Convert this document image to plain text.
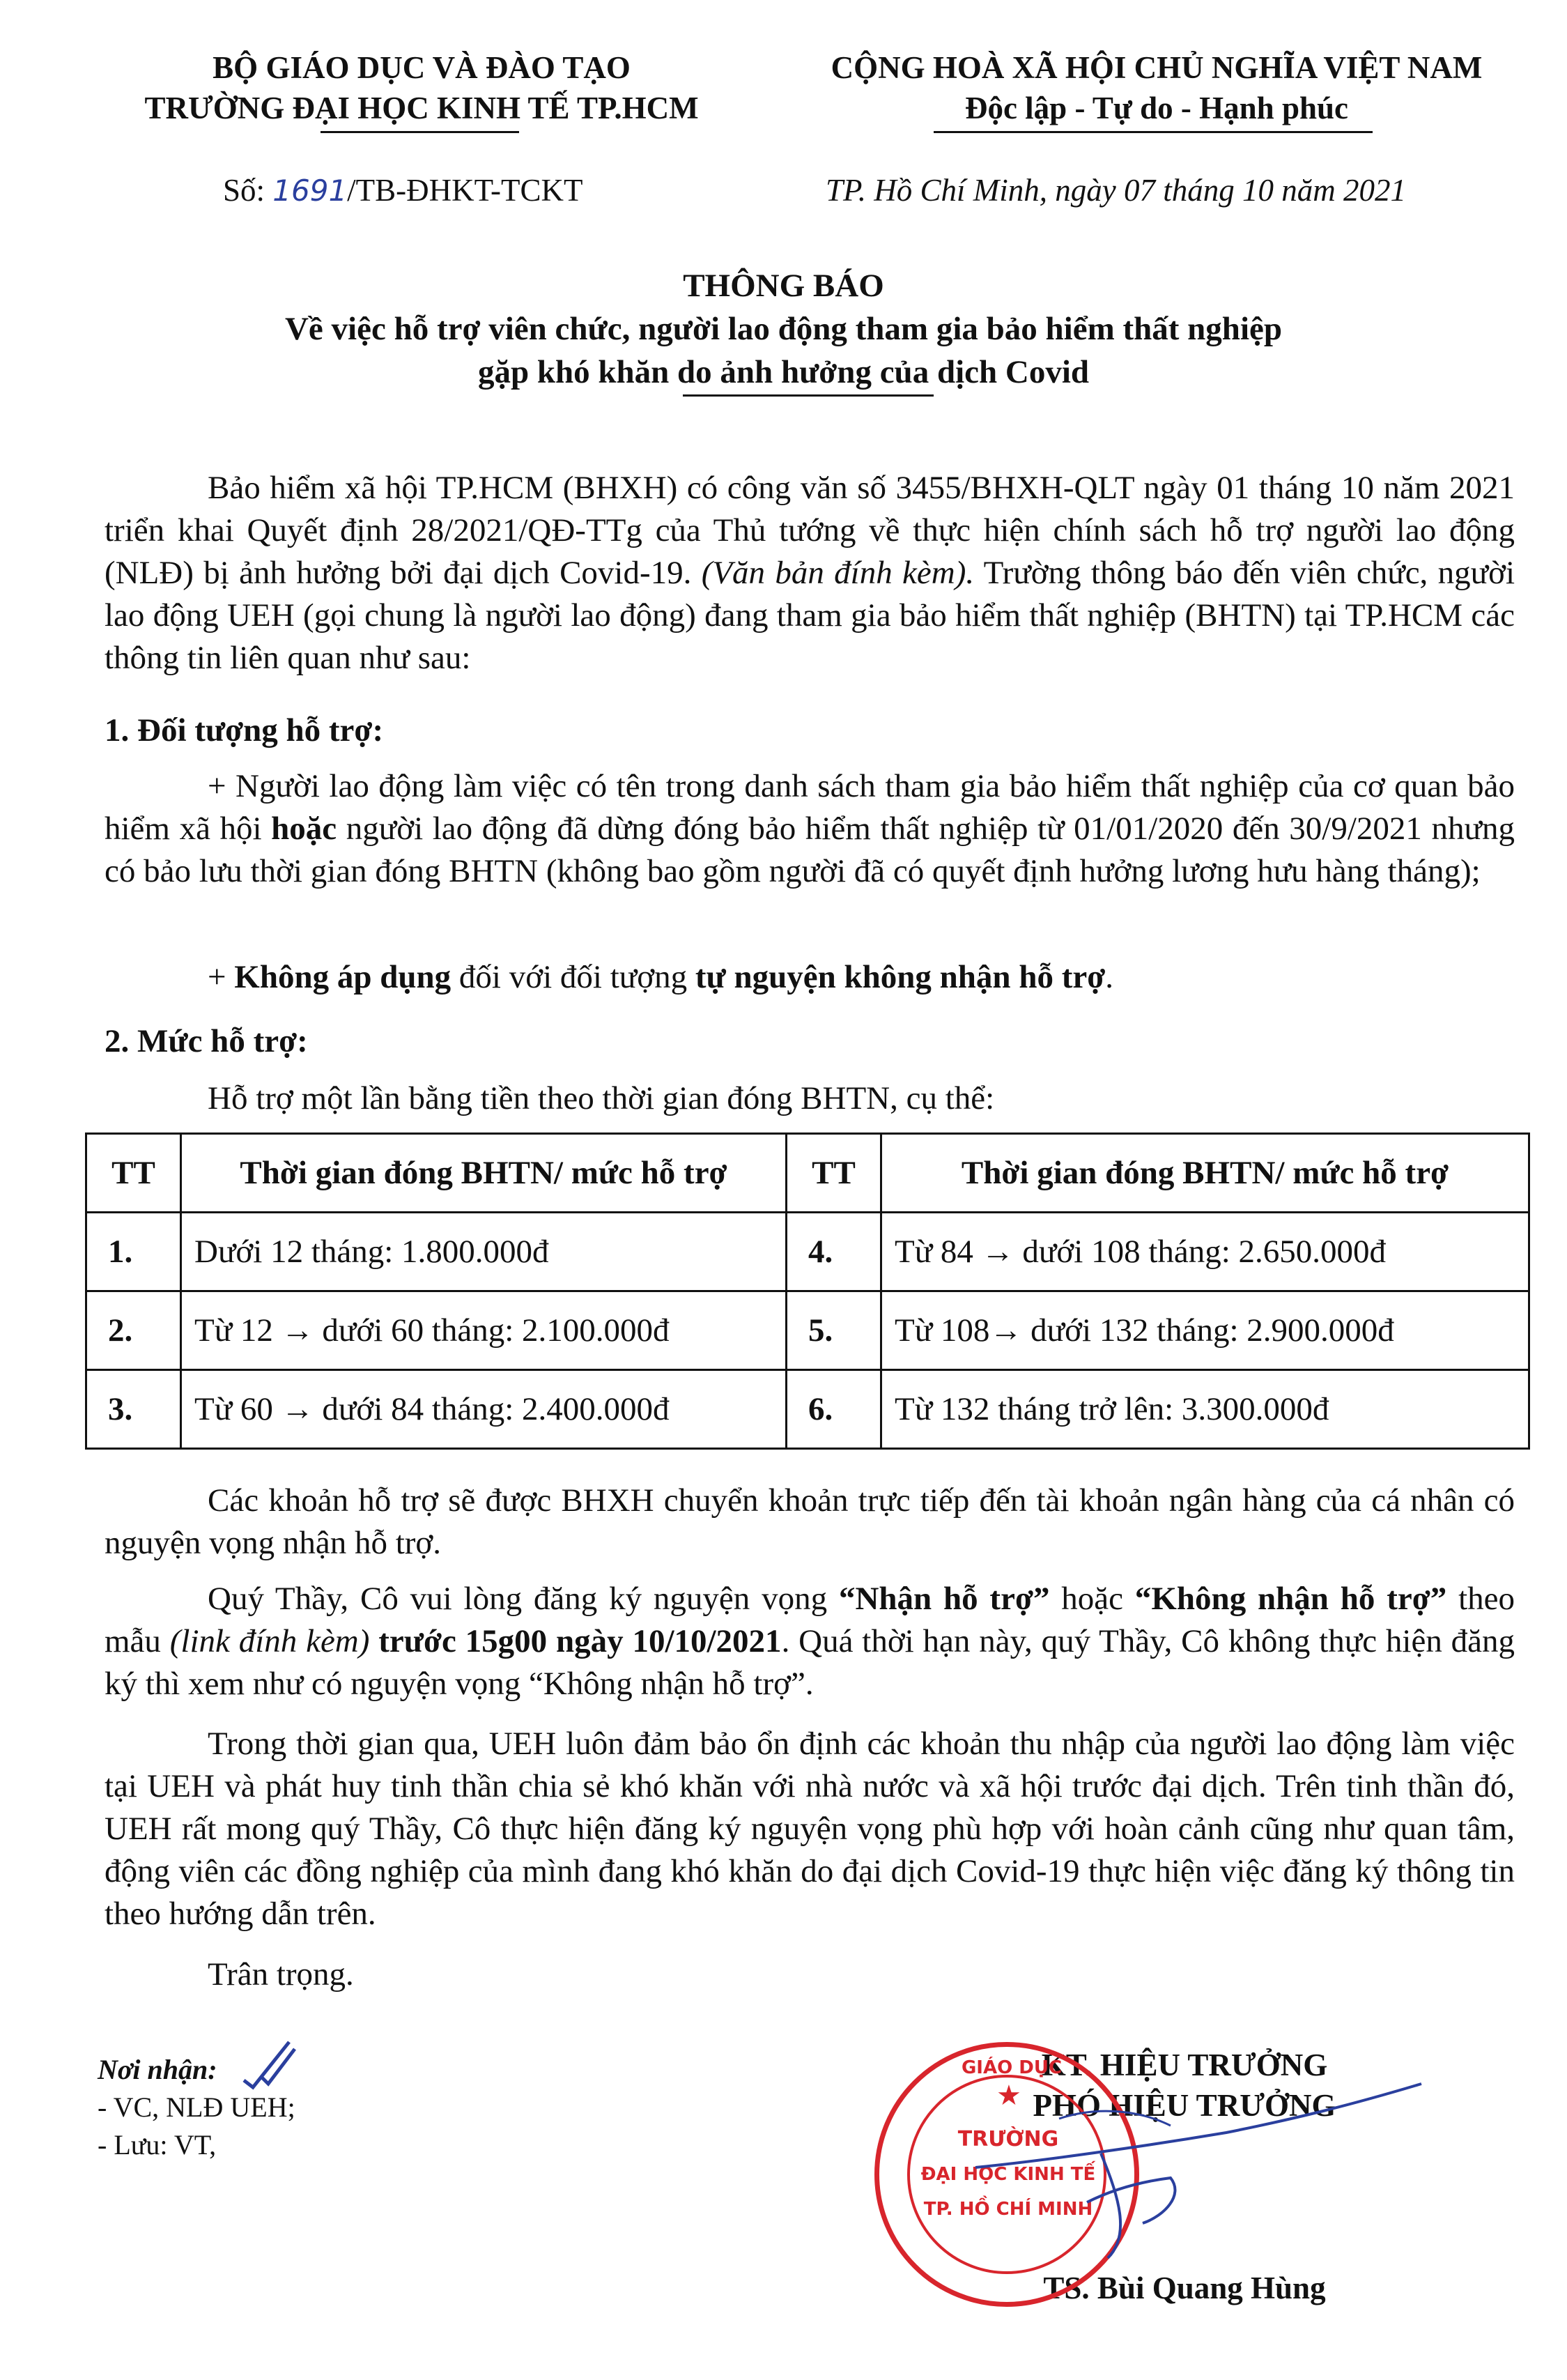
BỘ GIÁO DỤC VÀ ĐÀO TẠO
TRƯỜNG ĐẠI HỌC KINH TẾ TP.HCM
CỘNG HOÀ XÃ HỘI CHỦ NGHĨA VIỆT NAM
Độc lập - Tự do - Hạnh phúc
Số: 1691/TB-ĐHKT-TCKT	TP. Hồ Chí Minh, ngày 07 tháng 10 năm 2021
THÔNG BÁO
Về việc hỗ trợ viên chức, người lao động tham gia bảo hiểm thất nghiệp
gặp khó khăn do ảnh hưởng của dịch Covid
Bảo hiểm xã hội TP.HCM (BHXH) có công văn số 3455/BHXH-QLT ngày 01 tháng 10 năm 2021 triển khai Quyết định 28/2021/QĐ-TTg của Thủ tướng về thực hiện chính sách hỗ trợ người lao động (NLĐ) bị ảnh hưởng bởi đại dịch Covid-19. (Văn bản đính kèm). Trường thông báo đến viên chức, người lao động UEH (gọi chung là người lao động) đang tham gia bảo hiểm thất nghiệp (BHTN) tại TP.HCM các thông tin liên quan như sau:
1. Đối tượng hỗ trợ:
+ Người lao động làm việc có tên trong danh sách tham gia bảo hiểm thất nghiệp của cơ quan bảo hiểm xã hội hoặc người lao động đã dừng đóng bảo hiểm thất nghiệp từ 01/01/2020 đến 30/9/2021 nhưng có bảo lưu thời gian đóng BHTN (không bao gồm người đã có quyết định hưởng lương hưu hàng tháng);
+ Không áp dụng đối với đối tượng tự nguyện không nhận hỗ trợ.
2. Mức hỗ trợ:
Hỗ trợ một lần bằng tiền theo thời gian đóng BHTN, cụ thể:
TT	Thời gian đóng BHTN/ mức hỗ trợ	TT	Thời gian đóng BHTN/ mức hỗ trợ
1.	Dưới 12 tháng: 1.800.000đ	4.	Từ 84 → dưới 108 tháng: 2.650.000đ
2.	Từ 12 → dưới 60 tháng: 2.100.000đ	5.	Từ 108→ dưới 132 tháng: 2.900.000đ
3.	Từ 60 → dưới 84 tháng: 2.400.000đ	6.	Từ 132 tháng trở lên: 3.300.000đ
Các khoản hỗ trợ sẽ được BHXH chuyển khoản trực tiếp đến tài khoản ngân hàng của cá nhân có nguyện vọng nhận hỗ trợ.
Quý Thầy, Cô vui lòng đăng ký nguyện vọng “Nhận hỗ trợ” hoặc “Không nhận hỗ trợ” theo mẫu (link đính kèm) trước 15g00 ngày 10/10/2021. Quá thời hạn này, quý Thầy, Cô không thực hiện đăng ký thì xem như có nguyện vọng “Không nhận hỗ trợ”.
Trong thời gian qua, UEH luôn đảm bảo ổn định các khoản thu nhập của người lao động làm việc tại UEH và phát huy tinh thần chia sẻ khó khăn với nhà nước và xã hội trước đại dịch. Trên tinh thần đó, UEH rất mong quý Thầy, Cô thực hiện đăng ký nguyện vọng phù hợp với hoàn cảnh cũng như quan tâm, động viên các đồng nghiệp của mình đang khó khăn do đại dịch Covid-19 thực hiện việc đăng ký thông tin theo hướng dẫn trên.
Trân trọng.
Nơi nhận:
- VC, NLĐ UEH;
- Lưu: VT,
KT. HIỆU TRƯỞNG
PHÓ HIỆU TRƯỞNG
TS. Bùi Quang Hùng
GIÁO DỤC
★
TRƯỜNG
ĐẠI HỌC KINH TẾ
TP. HỒ CHÍ MINH
